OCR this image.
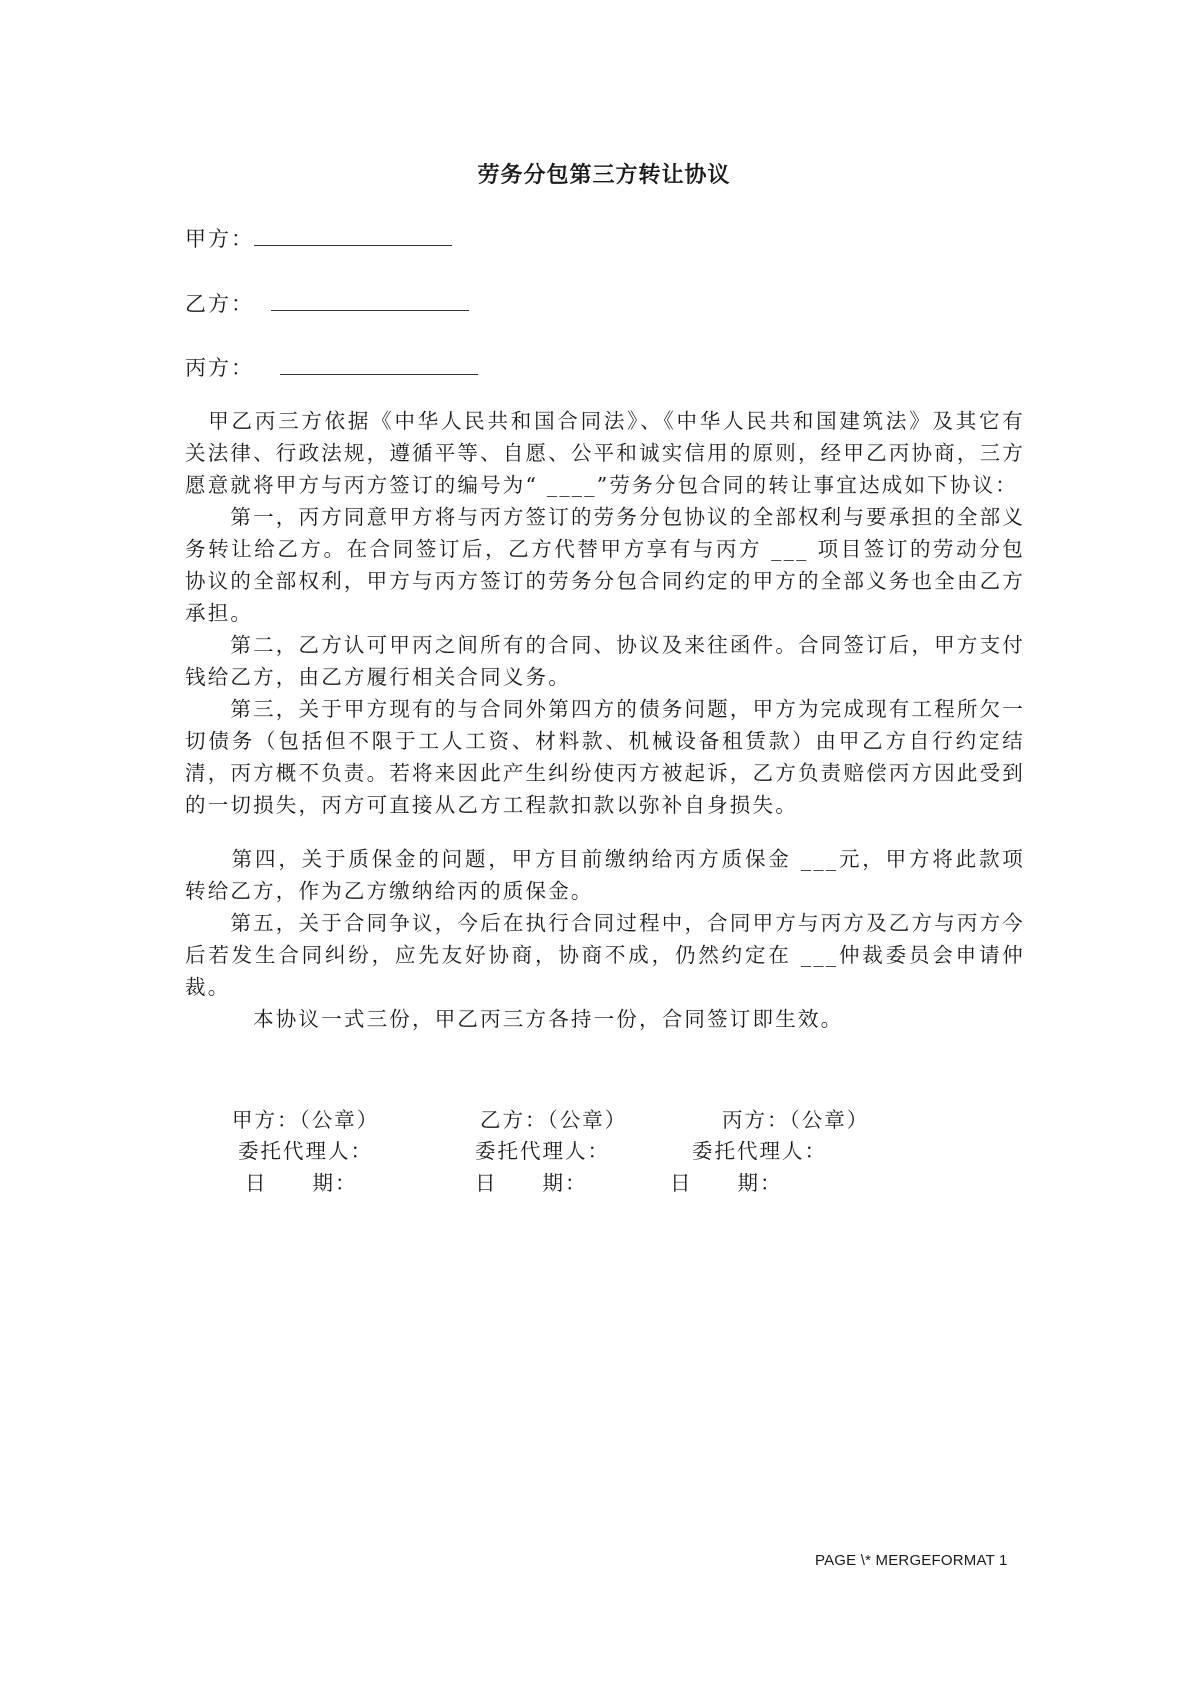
劳务分包第三方转让协议
甲方：
乙方：
丙方：

　甲乙丙三方依据《中华人民共和国合同法》、《中华人民共和国建筑法》及其它有关法律、行政法规，遵循平等、自愿、公平和诚实信用的原则，经甲乙丙协商，三方愿意就将甲方与丙方签订的编号为“ ____”劳务分包合同的转让事宜达成如下协议：

　　第一，丙方同意甲方将与丙方签订的劳务分包协议的全部权利与要承担的全部义务转让给乙方。在合同签订后，乙方代替甲方享有与丙方 ___ 项目签订的劳动分包协议的全部权利，甲方与丙方签订的劳务分包合同约定的甲方的全部义务也全由乙方承担。

　　第二，乙方认可甲丙之间所有的合同、协议及来往函件。合同签订后，甲方支付钱给乙方，由乙方履行相关合同义务。

　　第三，关于甲方现有的与合同外第四方的债务问题，甲方为完成现有工程所欠一切债务（包括但不限于工人工资、材料款、机械设备租赁款）由甲乙方自行约定结清，丙方概不负责。若将来因此产生纠纷使丙方被起诉，乙方负责赔偿丙方因此受到的一切损失，丙方可直接从乙方工程款扣款以弥补自身损失。

　　第四，关于质保金的问题，甲方目前缴纳给丙方质保金 ___元，甲方将此款项转给乙方，作为乙方缴纳给丙的质保金。

　　第五，关于合同争议，今后在执行合同过程中，合同甲方与丙方及乙方与丙方今后若发生合同纠纷，应先友好协商，协商不成，仍然约定在 ___仲裁委员会申请仲裁。

　　　本协议一式三份，甲乙丙三方各持一份，合同签订即生效。

甲方：（公章）	乙方：（公章）	丙方：（公章）
委托代理人：	委托代理人：	委托代理人：
日　　期：	日　　期：	日　　期：
PAGE \* MERGEFORMAT 1
